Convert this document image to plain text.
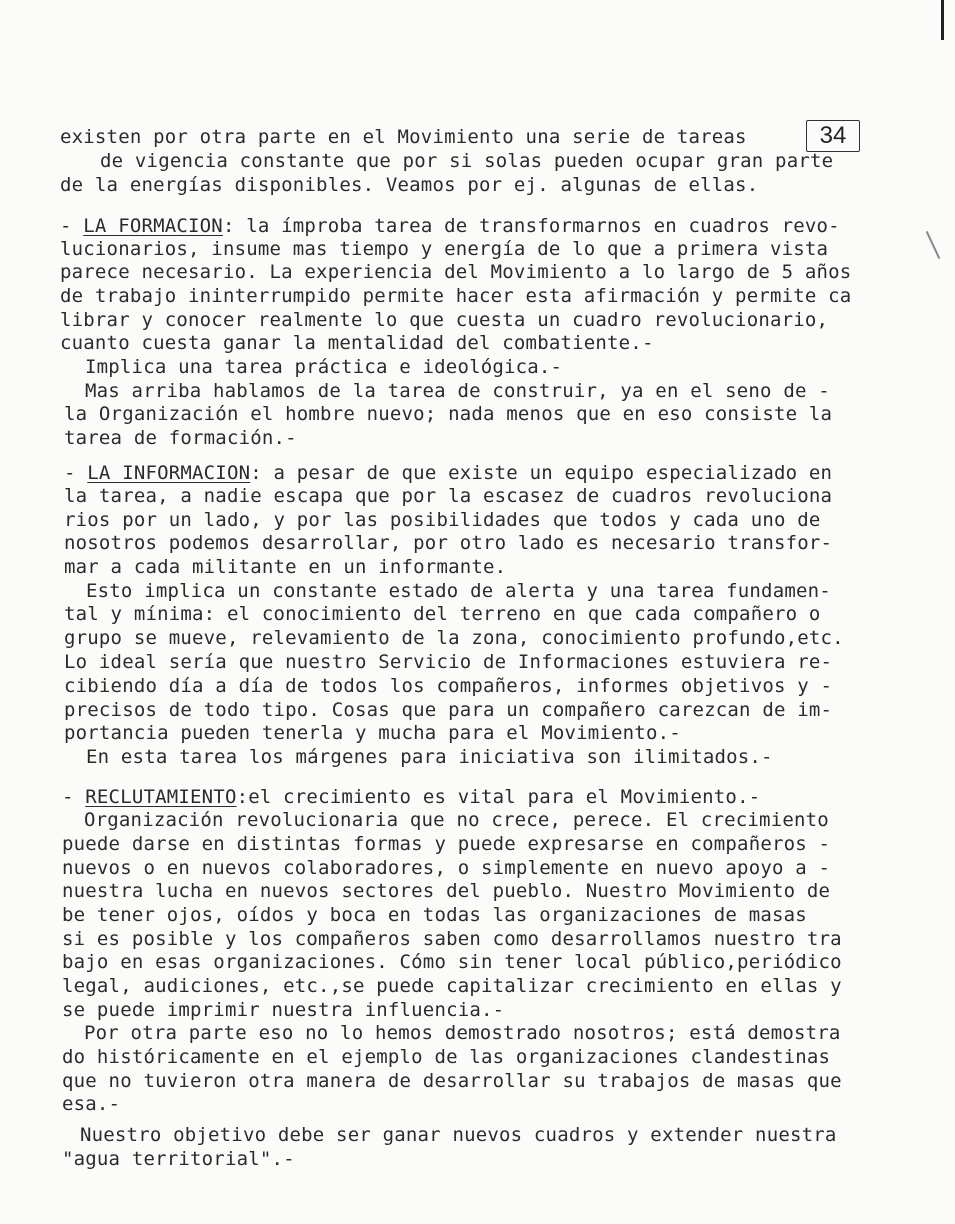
34
existen por otra parte en el Movimiento una serie de tareas
de vigencia constante que por si solas pueden ocupar gran parte
de la energías disponibles. Veamos por ej. algunas de ellas.
- LA FORMACION: la ímproba tarea de transformarnos en cuadros revo-
lucionarios, insume mas tiempo y energía de lo que a primera vista
parece necesario. La experiencia del Movimiento a lo largo de 5 años
de trabajo ininterrumpido permite hacer esta afirmación y permite ca
librar y conocer realmente lo que cuesta un cuadro revolucionario,
cuanto cuesta ganar la mentalidad del combatiente.-
Implica una tarea práctica e ideológica.-
Mas arriba hablamos de la tarea de construir, ya en el seno de -
la Organización el hombre nuevo; nada menos que en eso consiste la
tarea de formación.-
- LA INFORMACION: a pesar de que existe un equipo especializado en
la tarea, a nadie escapa que por la escasez de cuadros revoluciona
rios por un lado, y por las posibilidades que todos y cada uno de
nosotros podemos desarrollar, por otro lado es necesario transfor-
mar a cada militante en un informante.
Esto implica un constante estado de alerta y una tarea fundamen-
tal y mínima: el conocimiento del terreno en que cada compañero o
grupo se mueve, relevamiento de la zona, conocimiento profundo,etc.
Lo ideal sería que nuestro Servicio de Informaciones estuviera re-
cibiendo día a día de todos los compañeros, informes objetivos y -
precisos de todo tipo. Cosas que para un compañero carezcan de im-
portancia pueden tenerla y mucha para el Movimiento.-
En esta tarea los márgenes para iniciativa son ilimitados.-
- RECLUTAMIENTO:el crecimiento es vital para el Movimiento.-
Organización revolucionaria que no crece, perece. El crecimiento
puede darse en distintas formas y puede expresarse en compañeros -
nuevos o en nuevos colaboradores, o simplemente en nuevo apoyo a -
nuestra lucha en nuevos sectores del pueblo. Nuestro Movimiento de
be tener ojos, oídos y boca en todas las organizaciones de masas
si es posible y los compañeros saben como desarrollamos nuestro tra
bajo en esas organizaciones. Cómo sin tener local público,periódico
legal, audiciones, etc.,se puede capitalizar crecimiento en ellas y
se puede imprimir nuestra influencia.-
Por otra parte eso no lo hemos demostrado nosotros; está demostra
do históricamente en el ejemplo de las organizaciones clandestinas
que no tuvieron otra manera de desarrollar su trabajos de masas que
esa.-
Nuestro objetivo debe ser ganar nuevos cuadros y extender nuestra
"agua territorial".-
